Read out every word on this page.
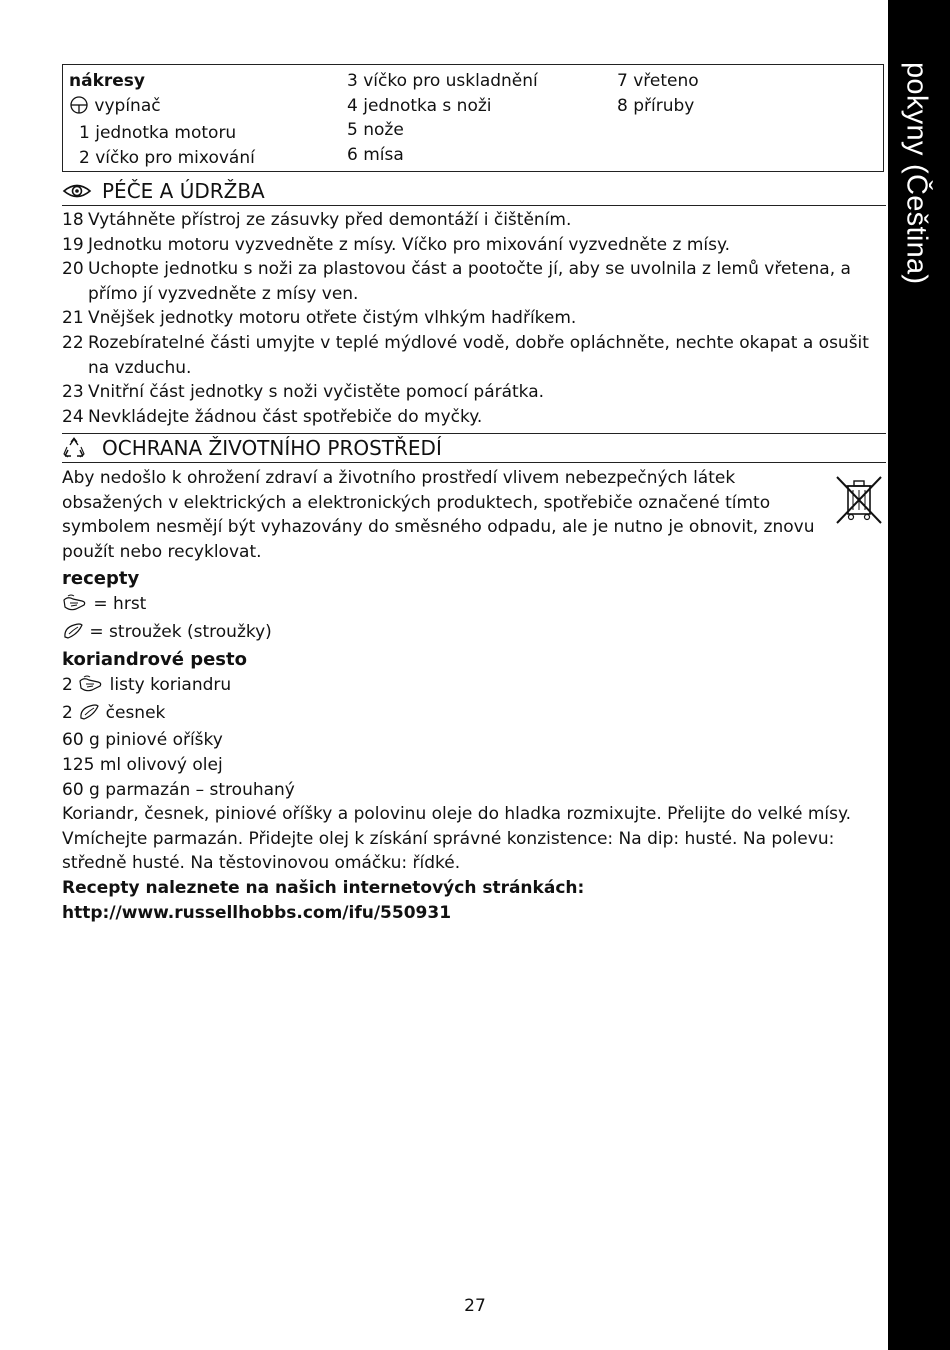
pokyny (Čeština)
nákresy
vypínač
1 jednotka motoru
2 víčko pro mixování
3 víčko pro uskladnění
4 jednotka s noži
5 nože
6 mísa
7 vřeteno
8 příruby
PÉČE A ÚDRŽBA
18 Vytáhněte přístroj ze zásuvky před demontáží i čištěním.
19 Jednotku motoru vyzvedněte z mísy. Víčko pro mixování vyzvedněte z mísy.
20 Uchopte jednotku s noži za plastovou část a pootočte jí, aby se uvolnila z lemů vřetena, a přímo jí vyzvedněte z mísy ven.
21 Vnějšek jednotky motoru otřete čistým vlhkým hadříkem.
22 Rozebíratelné části umyjte v teplé mýdlové vodě, dobře opláchněte, nechte okapat a osušit na vzduchu.
23 Vnitřní část jednotky s noži vyčistěte pomocí párátka.
24 Nevkládejte žádnou část spotřebiče do myčky.
OCHRANA ŽIVOTNÍHO PROSTŘEDÍ
Aby nedošlo k ohrožení zdraví a životního prostředí vlivem nebezpečných látek obsažených v elektrických a elektronických produktech, spotřebiče označené tímto symbolem nesmějí být vyhazovány do směsného odpadu, ale je nutno je obnovit, znovu použít nebo recyklovat.
recepty
= hrst
= stroužek (stroužky)
koriandrové pesto
2 listy koriandru
2 česnek
60 g piniové oříšky
125 ml olivový olej
60 g parmazán – strouhaný
Koriandr, česnek, piniové oříšky a polovinu oleje do hladka rozmixujte. Přelijte do velké mísy. Vmíchejte parmazán. Přidejte olej k získání správné konzistence: Na dip: husté. Na polevu: středně husté. Na těstovinovou omáčku: řídké.
Recepty naleznete na našich internetových stránkách:
http://www.russellhobbs.com/ifu/550931
27
